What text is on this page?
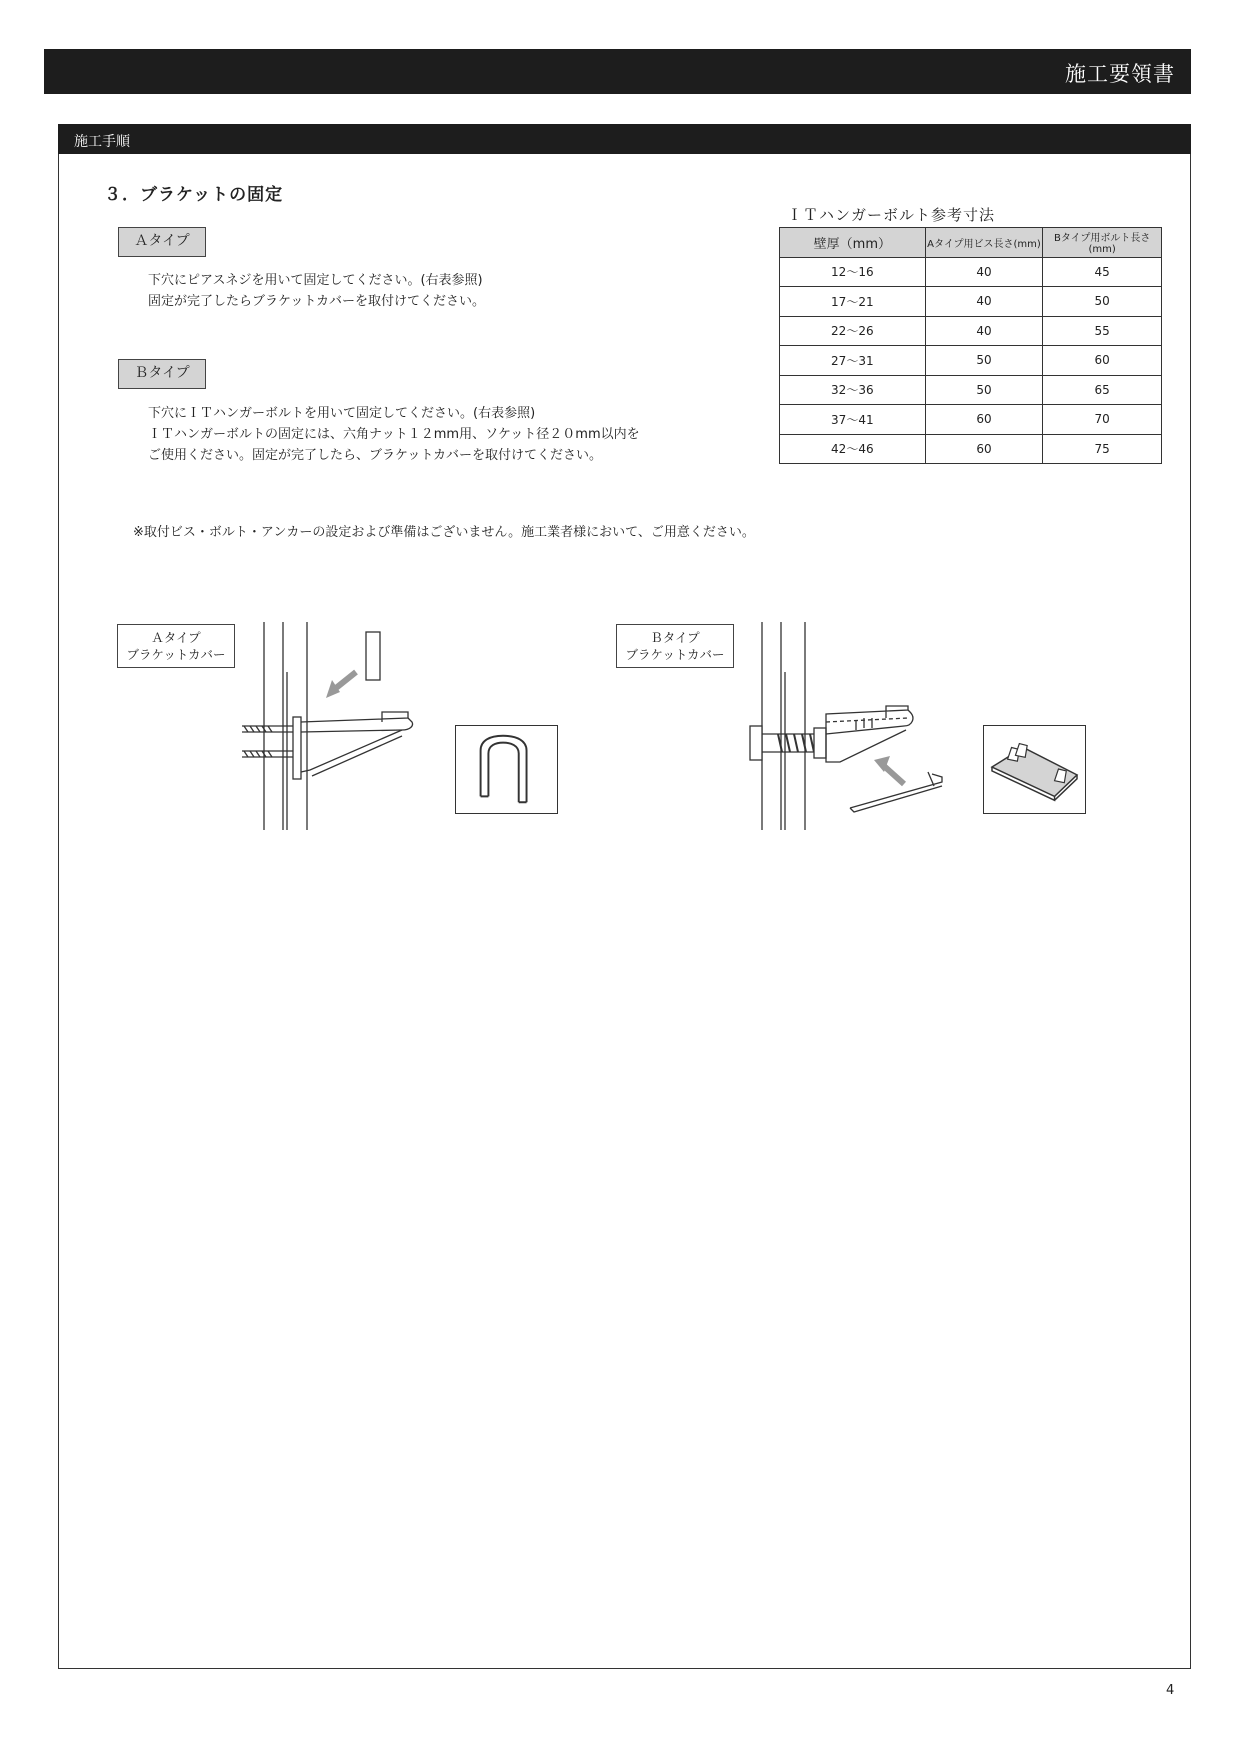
施工要領書
施工手順
３．ブラケットの固定
Ａタイプ
下穴にピアスネジを用いて固定してください。(右表参照)
固定が完了したらブラケットカバーを取付けてください。
Ｂタイプ
下穴にＩＴハンガーボルトを用いて固定してください。(右表参照)
ＩＴハンガーボルトの固定には、六角ナット１２mm用、ソケット径２０mm以内を
ご使用ください。固定が完了したら、ブラケットカバーを取付けてください。
※取付ビス・ボルト・アンカーの設定および準備はございません。施工業者様において、ご用意ください。
ＩＴハンガーボルト参考寸法
壁厚（mm）	Aタイプ用ビス長さ(mm)	Bタイプ用ボルト長さ(mm)
12～16	40	45
17～21	40	50
22～26	40	55
27～31	50	60
32～36	50	65
37～41	60	70
42～46	60	75
Ａタイプ
ブラケットカバー
Ｂタイプ
ブラケットカバー
4
